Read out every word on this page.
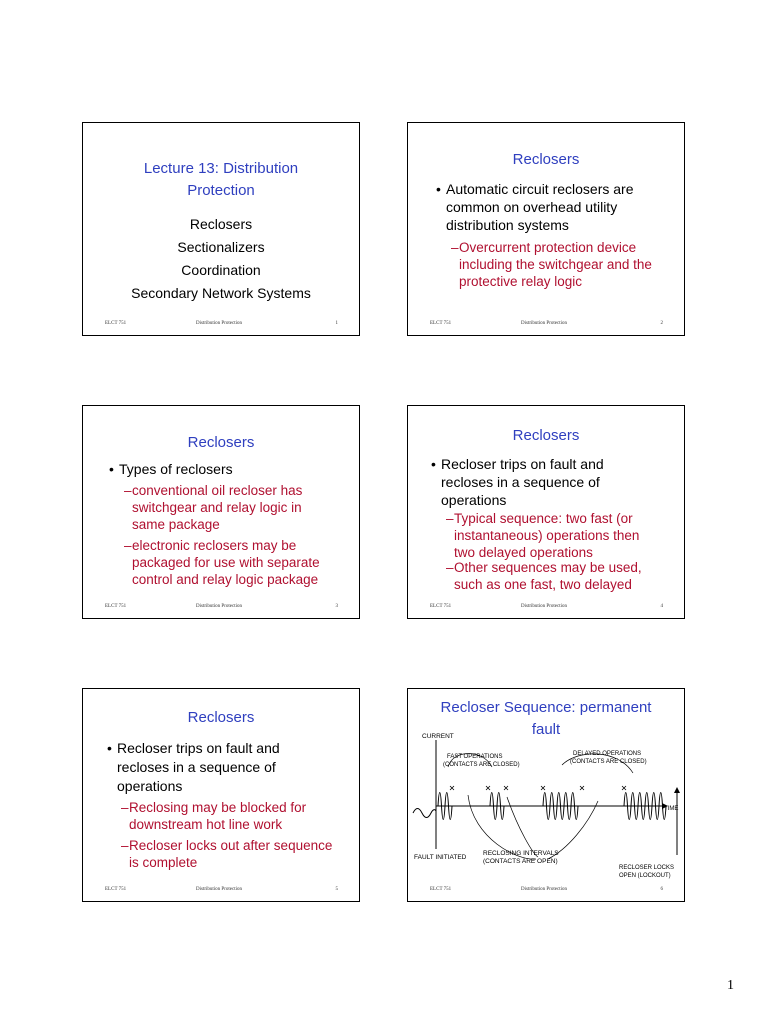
Lecture 13: Distribution
Protection
Reclosers
Sectionalizers
Coordination
Secondary Network Systems
ELCT 751	Distribution Protection	1
Reclosers
• Automatic circuit reclosers are
common on overhead utility
distribution systems
– Overcurrent protection device
including the switchgear and the
protective relay logic
ELCT 751	Distribution Protection	2
Reclosers
• Types of reclosers
– conventional oil recloser has
switchgear and relay logic in
same package
– electronic reclosers may be
packaged for use with separate
control and relay logic package
ELCT 751	Distribution Protection	3
Reclosers
• Recloser trips on fault and
recloses in a sequence of
operations
– Typical sequence: two fast (or
instantaneous) operations then
two delayed operations
– Other sequences may be used,
such as one fast, two delayed
ELCT 751	Distribution Protection	4
Reclosers
• Recloser trips on fault and
recloses in a sequence of
operations
– Reclosing may be blocked for
downstream hot line work
– Recloser locks out after sequence
is complete
ELCT 751	Distribution Protection	5
Recloser Sequence: permanent
fault
CURRENT
FAST OPERATIONS
(CONTACTS ARE CLOSED)
DELAYED OPERATIONS
(CONTACTS ARE CLOSED)
TIME
FAULT INITIATED
RECLOSING INTERVALS
(CONTACTS ARE OPEN)
RECLOSER LOCKS
OPEN (LOCKOUT)
ELCT 751	Distribution Protection	6
1
